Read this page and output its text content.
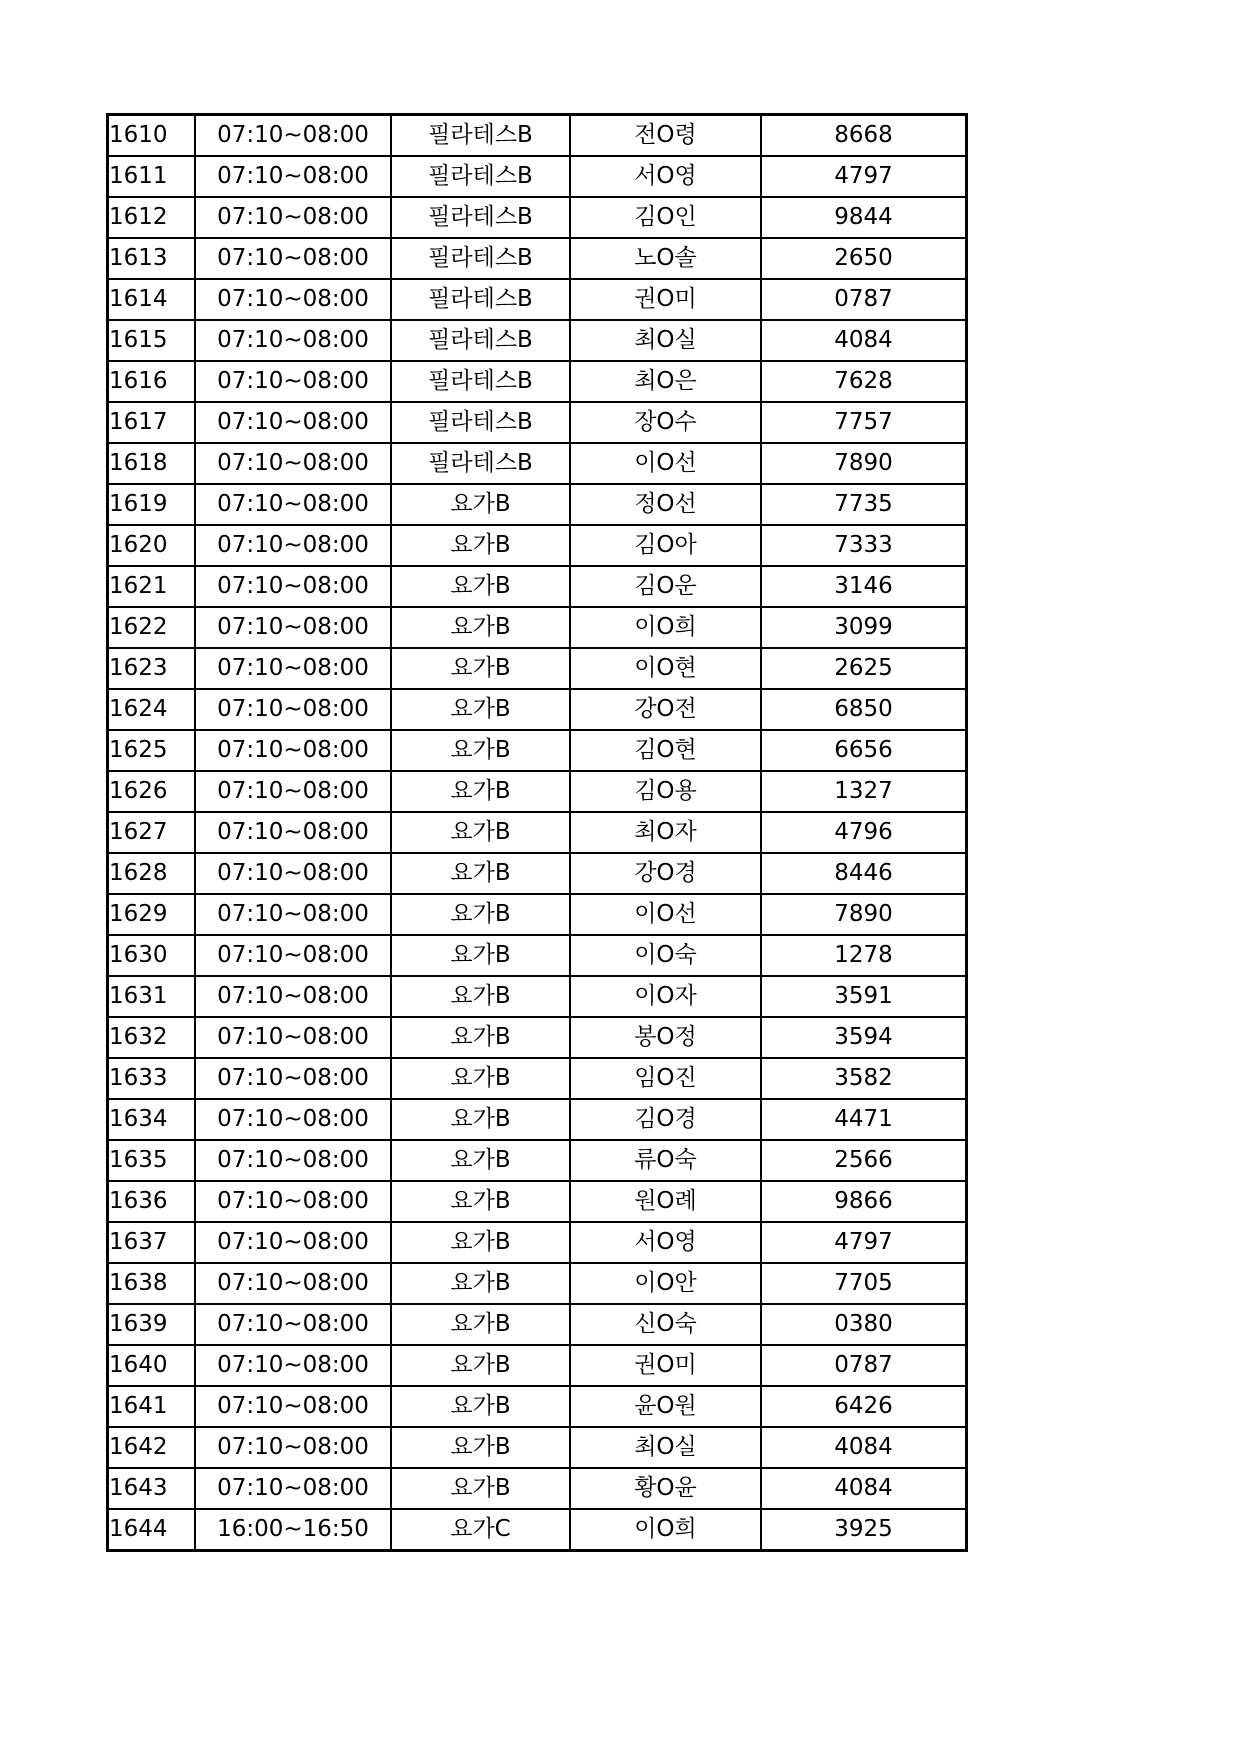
1610	07:10~08:00	필라테스B	전O령	8668
1611	07:10~08:00	필라테스B	서O영	4797
1612	07:10~08:00	필라테스B	김O인	9844
1613	07:10~08:00	필라테스B	노O솔	2650
1614	07:10~08:00	필라테스B	권O미	0787
1615	07:10~08:00	필라테스B	최O실	4084
1616	07:10~08:00	필라테스B	최O은	7628
1617	07:10~08:00	필라테스B	장O수	7757
1618	07:10~08:00	필라테스B	이O선	7890
1619	07:10~08:00	요가B	정O선	7735
1620	07:10~08:00	요가B	김O아	7333
1621	07:10~08:00	요가B	김O운	3146
1622	07:10~08:00	요가B	이O희	3099
1623	07:10~08:00	요가B	이O현	2625
1624	07:10~08:00	요가B	강O전	6850
1625	07:10~08:00	요가B	김O현	6656
1626	07:10~08:00	요가B	김O용	1327
1627	07:10~08:00	요가B	최O자	4796
1628	07:10~08:00	요가B	강O경	8446
1629	07:10~08:00	요가B	이O선	7890
1630	07:10~08:00	요가B	이O숙	1278
1631	07:10~08:00	요가B	이O자	3591
1632	07:10~08:00	요가B	봉O정	3594
1633	07:10~08:00	요가B	임O진	3582
1634	07:10~08:00	요가B	김O경	4471
1635	07:10~08:00	요가B	류O숙	2566
1636	07:10~08:00	요가B	원O례	9866
1637	07:10~08:00	요가B	서O영	4797
1638	07:10~08:00	요가B	이O안	7705
1639	07:10~08:00	요가B	신O숙	0380
1640	07:10~08:00	요가B	권O미	0787
1641	07:10~08:00	요가B	윤O원	6426
1642	07:10~08:00	요가B	최O실	4084
1643	07:10~08:00	요가B	황O윤	4084
1644	16:00~16:50	요가C	이O희	3925
